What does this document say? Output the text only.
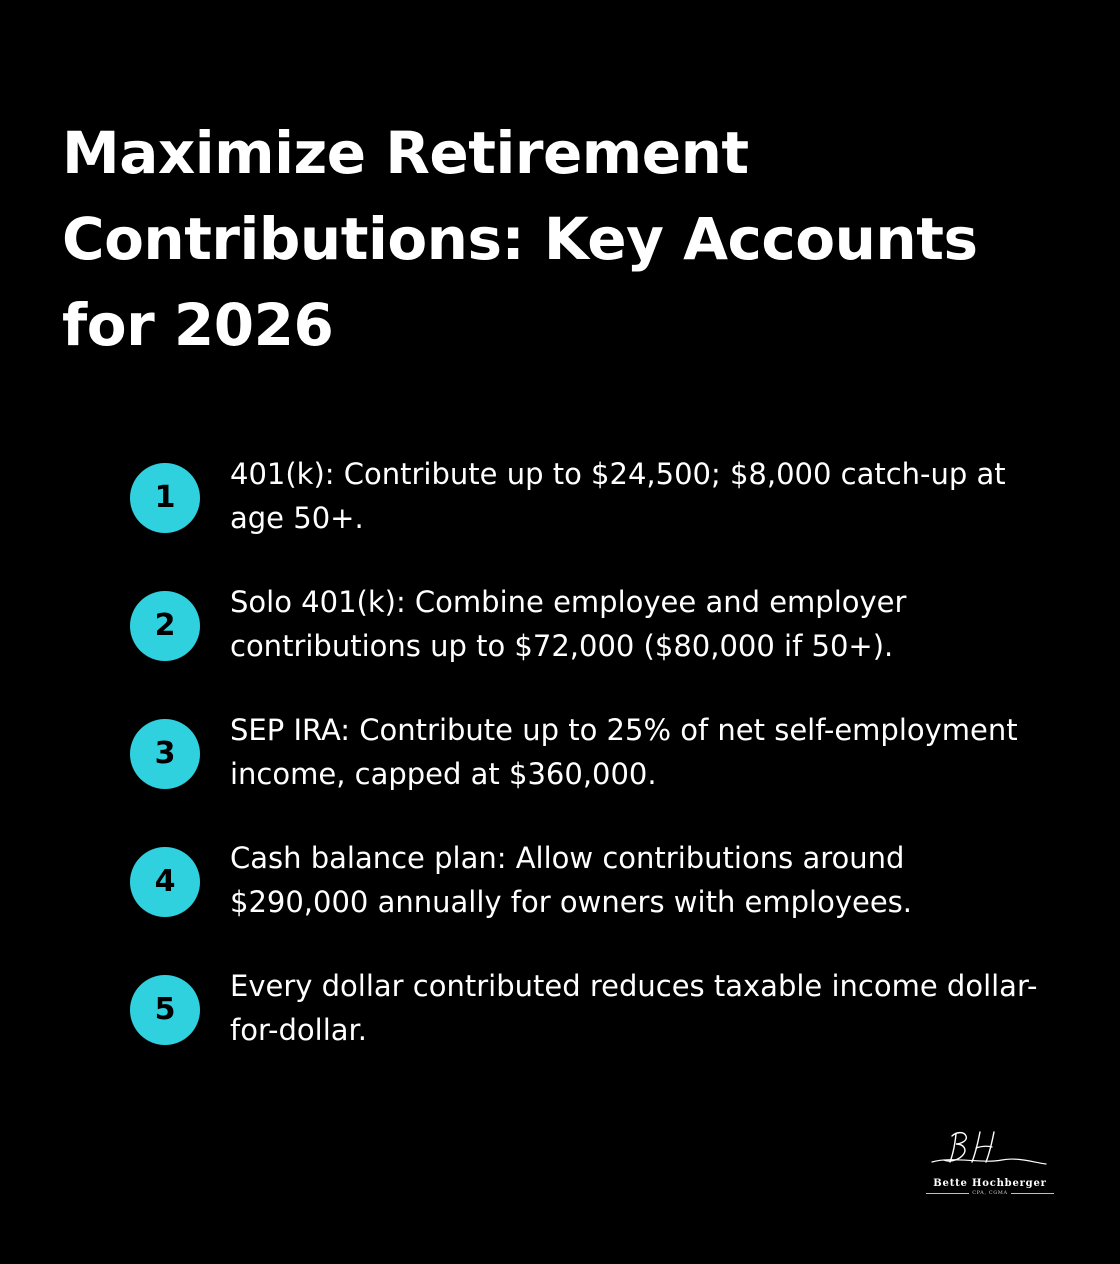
Maximize Retirement Contributions: Key Accounts for 2026
1
401(k): Contribute up to $24,500; $8,000 catch-up at age 50+.
2
Solo 401(k): Combine employee and employer contributions up to $72,000 ($80,000 if 50+).
3
SEP IRA: Contribute up to 25% of net self-employment income, capped at $360,000.
4
Cash balance plan: Allow contributions around $290,000 annually for owners with employees.
5
Every dollar contributed reduces taxable income dollar-for-dollar.
Bette Hochberger
CPA, CGMA
